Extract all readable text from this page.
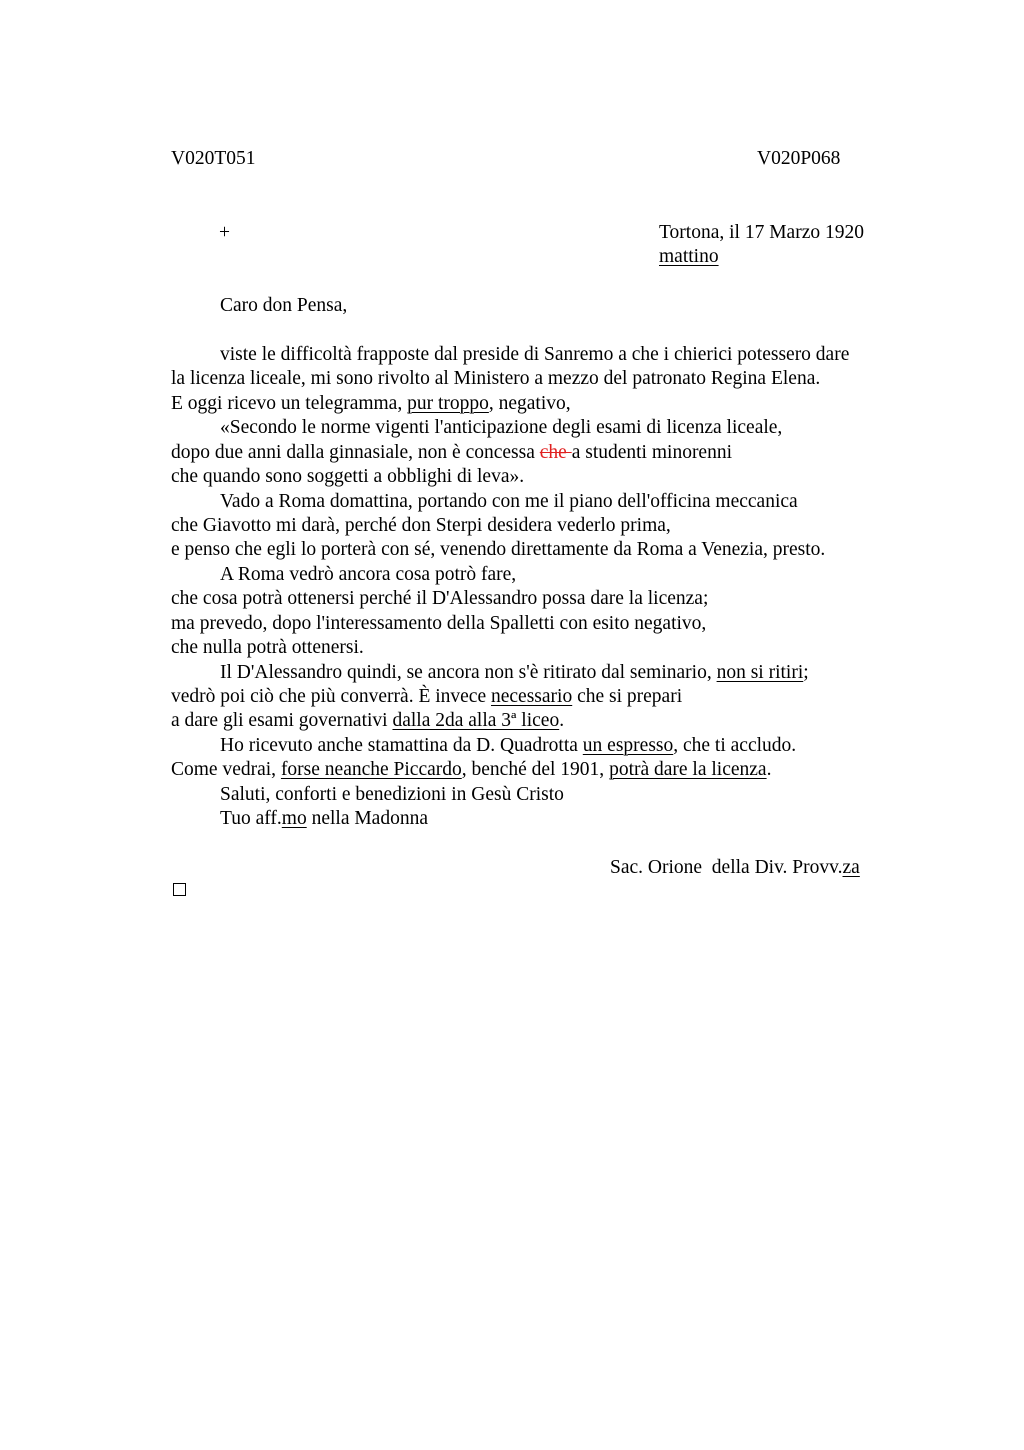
V020T051	V020P068
+	Tortona, il 17 Marzo 1920
mattino
Caro don Pensa,
viste le difficoltà frapposte dal preside di Sanremo a che i chierici potessero dare
la licenza liceale, mi sono rivolto al Ministero a mezzo del patronato Regina Elena.
E oggi ricevo un telegramma, pur troppo, negativo,
«Secondo le norme vigenti l'anticipazione degli esami di licenza liceale,
dopo due anni dalla ginnasiale, non è concessa che a studenti minorenni
che quando sono soggetti a obblighi di leva».
Vado a Roma domattina, portando con me il piano dell'officina meccanica
che Giavotto mi darà, perché don Sterpi desidera vederlo prima,
e penso che egli lo porterà con sé, venendo direttamente da Roma a Venezia, presto.
A Roma vedrò ancora cosa potrò fare,
che cosa potrà ottenersi perché il D'Alessandro possa dare la licenza;
ma prevedo, dopo l'interessamento della Spalletti con esito negativo,
che nulla potrà ottenersi.
Il D'Alessandro quindi, se ancora non s'è ritirato dal seminario, non si ritiri;
vedrò poi ciò che più converrà. È invece necessario che si prepari
a dare gli esami governativi dalla 2da alla 3ª liceo.
Ho ricevuto anche stamattina da D. Quadrotta un espresso, che ti accludo.
Come vedrai, forse neanche Piccardo, benché del 1901, potrà dare la licenza.
Saluti, conforti e benedizioni in Gesù Cristo
Tuo aff.mo nella Madonna
Sac. Orione  della Div. Provv.za
